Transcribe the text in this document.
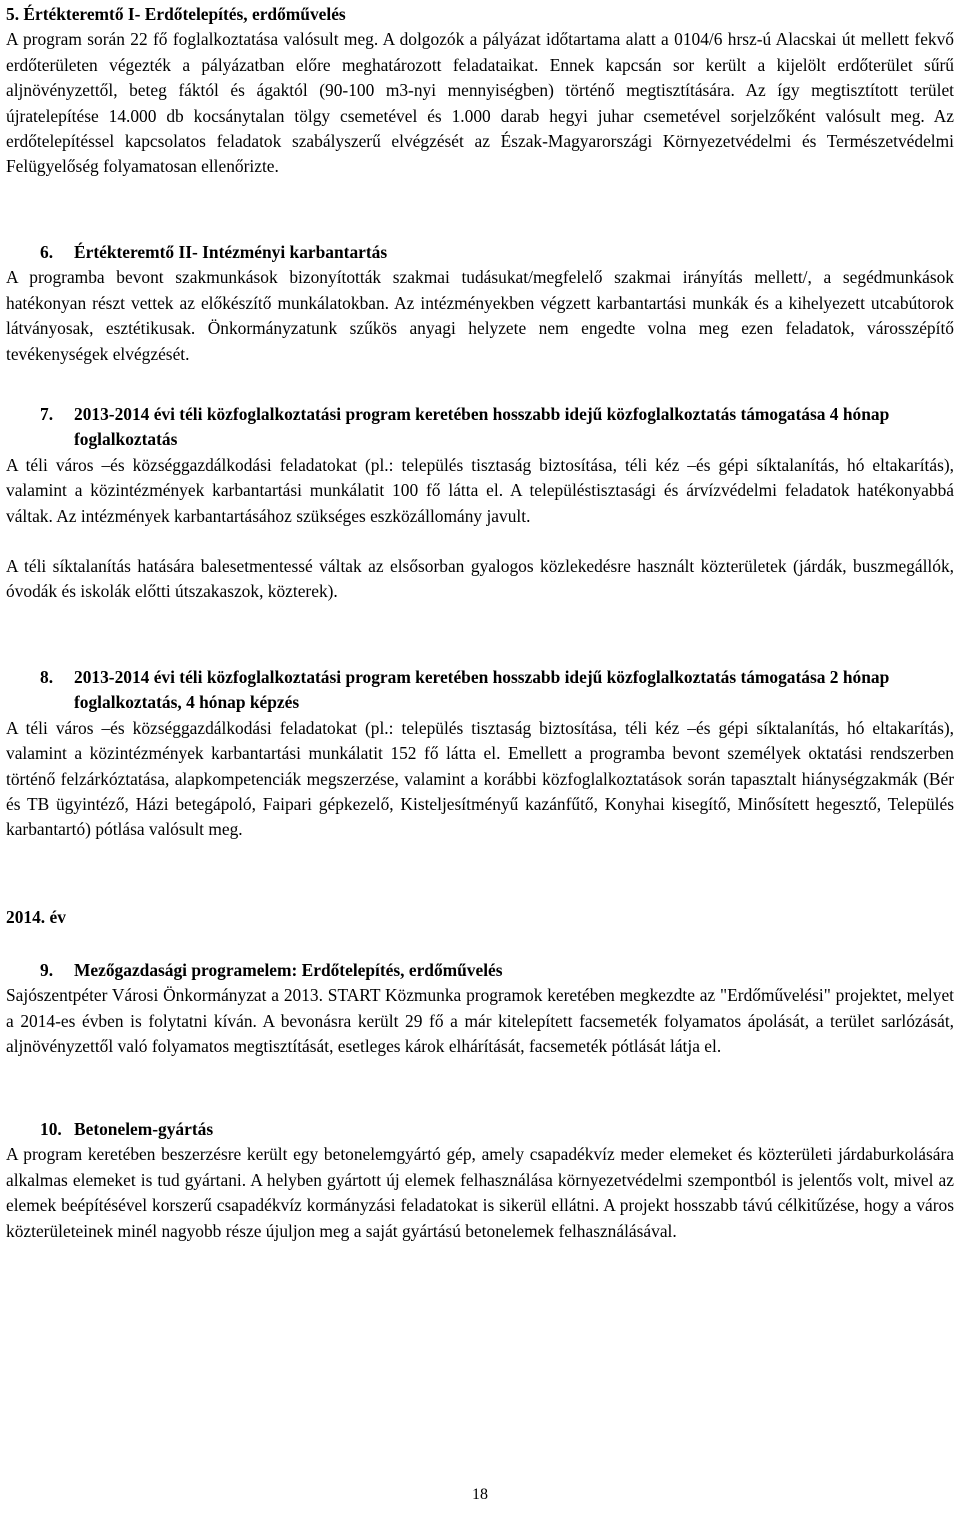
5. Értékteremtő I- Erdőtelepítés, erdőművelés

A program során 22 fő foglalkoztatása valósult meg. A dolgozók a pályázat időtartama alatt a 0104/6 hrsz-ú Alacskai út mellett fekvő erdőterületen végezték a pályázatban előre meghatározott feladataikat. Ennek kapcsán sor került a kijelölt erdőterület sűrű aljnövényzettől, beteg fáktól és ágaktól (90-100 m3-nyi mennyiségben) történő megtisztítására. Az így megtisztított terület újratelepítése 14.000 db kocsánytalan tölgy csemetével és 1.000 darab hegyi juhar csemetével sorjelzőként valósult meg. Az erdőtelepítéssel kapcsolatos feladatok szabályszerű elvégzését az Észak-Magyarországi Környezetvédelmi és Természetvédelmi Felügyelőség folyamatosan ellenőrizte.

6.	Értékteremtő II- Intézményi karbantartás

A programba bevont szakmunkások bizonyították szakmai tudásukat/megfelelő szakmai irányítás mellett/, a segédmunkások hatékonyan részt vettek az előkészítő munkálatokban. Az intézményekben végzett karbantartási munkák és a kihelyezett utcabútorok látványosak, esztétikusak. Önkormányzatunk szűkös anyagi helyzete nem engedte volna meg ezen feladatok, városszépítő tevékenységek elvégzését.

7.	2013-2014 évi téli közfoglalkoztatási program keretében hosszabb idejű közfoglalkoztatás támogatása 4 hónap foglalkoztatás

A téli város –és községgazdálkodási feladatokat (pl.: település tisztaság biztosítása, téli kéz –és gépi síktalanítás, hó eltakarítás), valamint a közintézmények karbantartási munkálatit 100 fő látta el. A településtisztasági és árvízvédelmi feladatok hatékonyabbá váltak. Az intézmények karbantartásához szükséges eszközállomány javult.

A téli síktalanítás hatására balesetmentessé váltak az elsősorban gyalogos közlekedésre használt közterületek (járdák, buszmegállók, óvodák és iskolák előtti útszakaszok, közterek).

8.	2013-2014 évi téli közfoglalkoztatási program keretében hosszabb idejű közfoglalkoztatás támogatása 2 hónap foglalkoztatás, 4 hónap képzés

A téli város –és községgazdálkodási feladatokat (pl.: település tisztaság biztosítása, téli kéz –és gépi síktalanítás, hó eltakarítás), valamint a közintézmények karbantartási munkálatit 152 fő látta el. Emellett a programba bevont személyek oktatási rendszerben történő felzárkóztatása, alapkompetenciák megszerzése, valamint a korábbi közfoglalkoztatások során tapasztalt hiánységzakmák (Bér és TB ügyintéző, Házi betegápoló, Faipari gépkezelő, Kisteljesítményű kazánfűtő, Konyhai kisegítő, Minősített hegesztő, Település karbantartó) pótlása valósult meg.

2014. év
9.	Mezőgazdasági programelem: Erdőtelepítés, erdőművelés

Sajószentpéter Városi Önkormányzat a 2013. START Közmunka programok keretében megkezdte az "Erdőművelési" projektet, melyet a 2014-es évben is folytatni kíván. A bevonásra került 29 fő a már kitelepített facsemeték folyamatos ápolását, a terület sarlózását, aljnövényzettől való folyamatos megtisztítását, esetleges károk elhárítását, facsemeték pótlását látja el.

10. Betonelem-gyártás

A program keretében beszerzésre került egy betonelemgyártó gép, amely csapadékvíz meder elemeket és közterületi járdaburkolására alkalmas elemeket is tud gyártani. A helyben gyártott új elemek felhasználása környezetvédelmi szempontból is jelentős volt, mivel az elemek beépítésével korszerű csapadékvíz kormányzási feladatokat is sikerül ellátni. A projekt hosszabb távú célkitűzése, hogy a város közterületeinek minél nagyobb része újuljon meg a saját gyártású betonelemek felhasználásával.

18
